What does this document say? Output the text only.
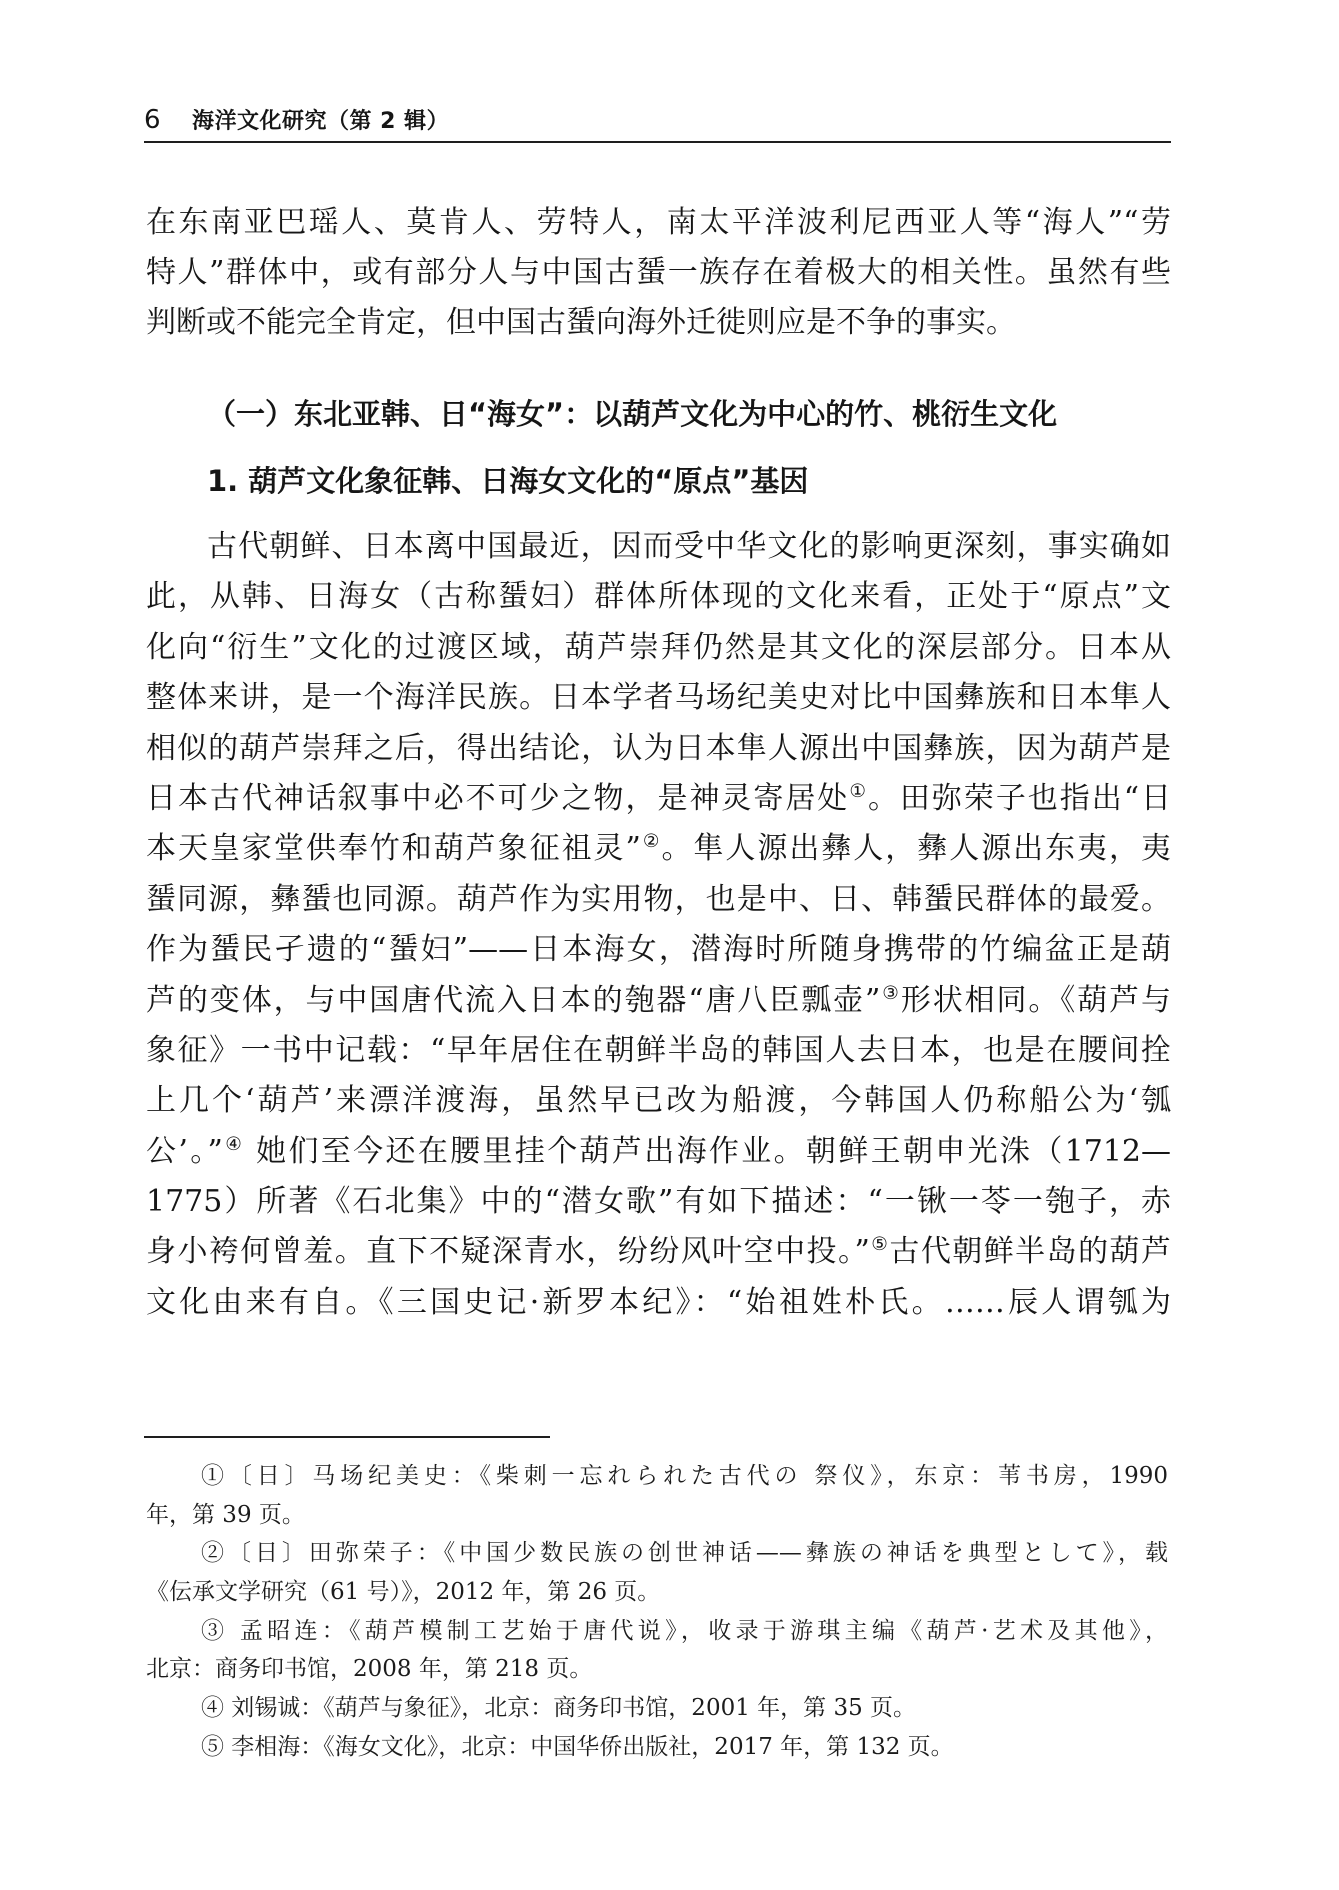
6	海洋文化研究（第 2 辑）
在东南亚巴瑶人、莫肯人、劳特人，南太平洋波利尼西亚人等“海人”“劳
特人”群体中，或有部分人与中国古蜑一族存在着极大的相关性。虽然有些
判断或不能完全肯定，但中国古蜑向海外迁徙则应是不争的事实。
（一）东北亚韩、日“海女”：以葫芦文化为中心的竹、桃衍生文化
1. 葫芦文化象征韩、日海女文化的“原点”基因
古代朝鲜、日本离中国最近，因而受中华文化的影响更深刻，事实确如
此，从韩、日海女（古称蜑妇）群体所体现的文化来看，正处于“原点”文
化向“衍生”文化的过渡区域，葫芦崇拜仍然是其文化的深层部分。日本从
整体来讲，是一个海洋民族。日本学者马场纪美史对比中国彝族和日本隼人
相似的葫芦崇拜之后，得出结论，认为日本隼人源出中国彝族，因为葫芦是
日本古代神话叙事中必不可少之物，是神灵寄居处①。田弥荣子也指出“日
本天皇家堂供奉竹和葫芦象征祖灵”②。隼人源出彝人，彝人源出东夷，夷
蜑同源，彝蜑也同源。葫芦作为实用物，也是中、日、韩蜑民群体的最爱。
作为蜑民孑遗的“蜑妇”——日本海女，潜海时所随身携带的竹编盆正是葫
芦的变体，与中国唐代流入日本的匏器“唐八臣瓢壶”③形状相同。《葫芦与
象征》一书中记载：“早年居住在朝鲜半岛的韩国人去日本，也是在腰间拴
上几个‘葫芦’来漂洋渡海，虽然早已改为船渡，今韩国人仍称船公为‘瓠
公’。”④ 她们至今还在腰里挂个葫芦出海作业。朝鲜王朝申光洙（1712—
1775）所著《石北集》中的“潜女歌”有如下描述：“一锹一苓一匏子，赤
身小袴何曾羞。直下不疑深青水，纷纷风叶空中投。”⑤古代朝鲜半岛的葫芦
文化由来有自。《三国史记·新罗本纪》：“始祖姓朴氏。……辰人谓瓠为
①〔日〕马场纪美史：《柴刺一忘れられた古代の 祭仪》，东京：苇书房，1990
年，第 39 页。
②〔日〕田弥荣子：《中国少数民族の创世神话——彝族の神话を典型として》，载
《伝承文学研究（61 号）》，2012 年，第 26 页。
③ 孟昭连：《葫芦模制工艺始于唐代说》，收录于游琪主编《葫芦·艺术及其他》，
北京：商务印书馆，2008 年，第 218 页。
④ 刘锡诚：《葫芦与象征》，北京：商务印书馆，2001 年，第 35 页。
⑤ 李相海：《海女文化》，北京：中国华侨出版社，2017 年，第 132 页。
